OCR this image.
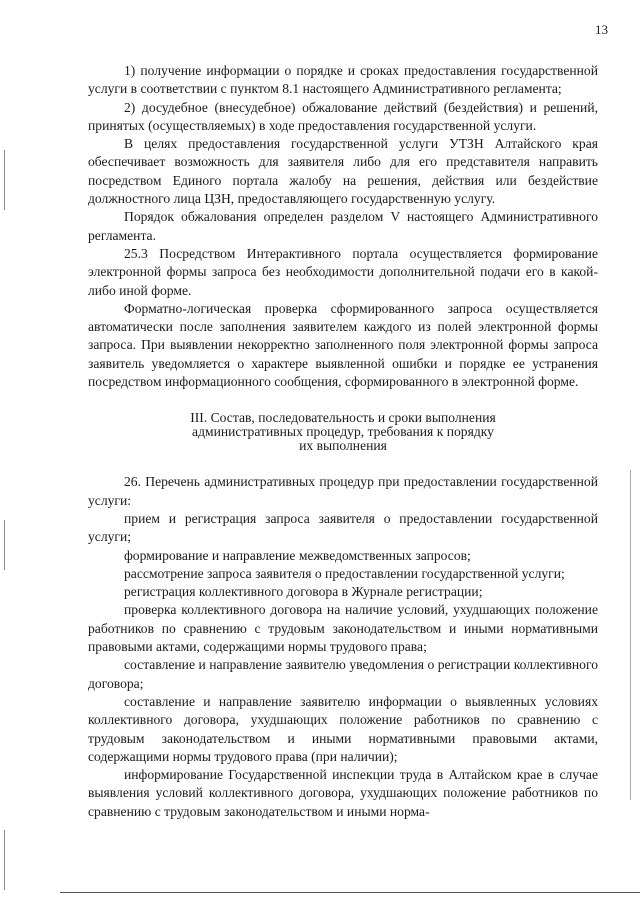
13

1) получение информации о порядке и сроках предоставления государственной услуги в соответствии с пунктом 8.1 настоящего Административного регламента;

2) досудебное (внесудебное) обжалование действий (бездействия) и решений, принятых (осуществляемых) в ходе предоставления государственной услуги.

В целях предоставления государственной услуги УТЗН Алтайского края обеспечивает возможность для заявителя либо для его представителя направить посредством Единого портала жалобу на решения, действия или бездействие должностного лица ЦЗН, предоставляющего государственную услугу.

Порядок обжалования определен разделом V настоящего Административного регламента.

25.3 Посредством Интерактивного портала осуществляется формирование электронной формы запроса без необходимости дополнительной подачи его в какой-либо иной форме.

Форматно-логическая проверка сформированного запроса осуществляется автоматически после заполнения заявителем каждого из полей электронной формы запроса. При выявлении некорректно заполненного поля электронной формы запроса заявитель уведомляется о характере выявленной ошибки и порядке ее устранения посредством информационного сообщения, сформированного в электронной форме.

III. Состав, последовательность и сроки выполнения
административных процедур, требования к порядку
их выполнения

26. Перечень административных процедур при предоставлении государственной услуги:

прием и регистрация запроса заявителя о предоставлении государственной услуги;

формирование и направление межведомственных запросов;

рассмотрение запроса заявителя о предоставлении государственной услуги;

регистрация коллективного договора в Журнале регистрации;

проверка коллективного договора на наличие условий, ухудшающих положение работников по сравнению с трудовым законодательством и иными нормативными правовыми актами, содержащими нормы трудового права;

составление и направление заявителю уведомления о регистрации коллективного договора;

составление и направление заявителю информации о выявленных условиях коллективного договора, ухудшающих положение работников по сравнению с трудовым законодательством и иными нормативными правовыми актами, содержащими нормы трудового права (при наличии);

информирование Государственной инспекции труда в Алтайском крае в случае выявления условий коллективного договора, ухудшающих положение работников по сравнению с трудовым законодательством и иными норма-
